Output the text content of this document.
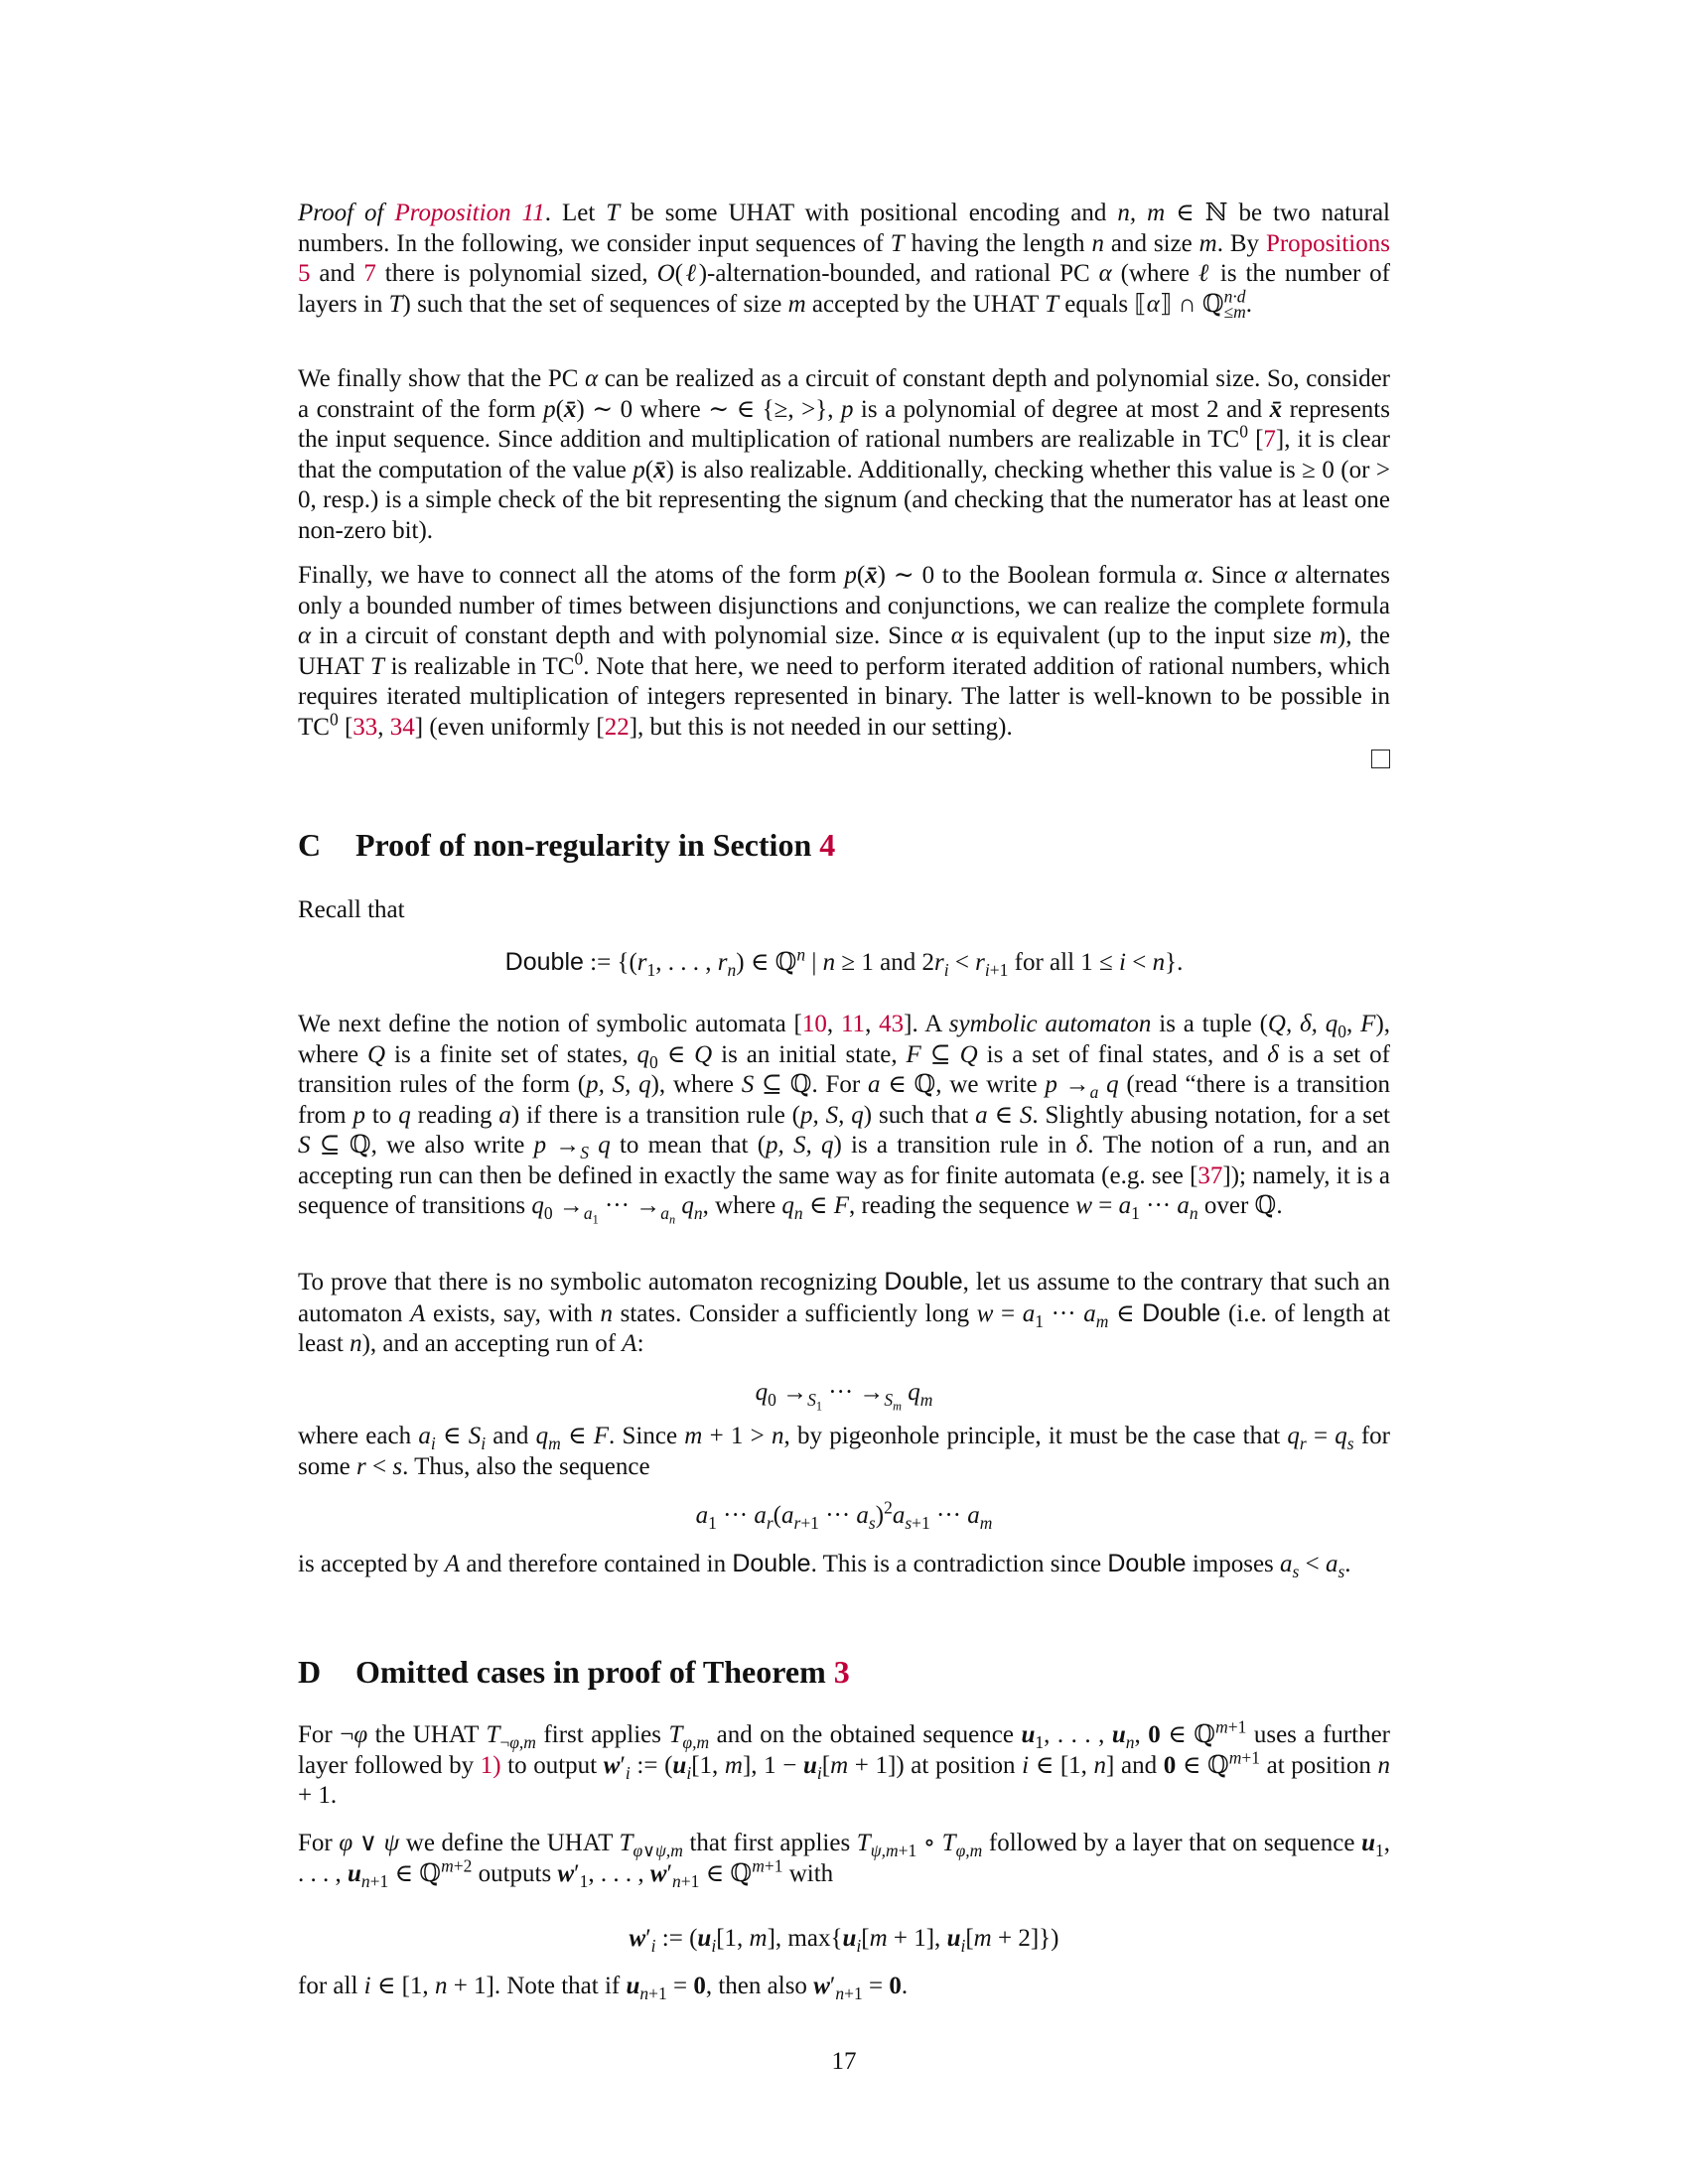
Proof of Proposition 11. Let T be some UHAT with positional encoding and n, m ∈ ℕ be two natural numbers. In the following, we consider input sequences of T having the length n and size m. By Propositions 5 and 7 there is polynomial sized, O(ℓ)-alternation-bounded, and rational PC α (where ℓ is the number of layers in T) such that the set of sequences of size m accepted by the UHAT T equals ⟦α⟧ ∩ ℚ$^{n\cdot d}_{\le m}$.
We finally show that the PC α can be realized as a circuit of constant depth and polynomial size. So, consider a constraint of the form p(x̄) ∼ 0 where ∼ ∈ {≥, >}, p is a polynomial of degree at most 2 and x̄ represents the input sequence. Since addition and multiplication of rational numbers are realizable in $TC^0$ [7], it is clear that the computation of the value p(x̄) is also realizable. Additionally, checking whether this value is ≥ 0 (or > 0, resp.) is a simple check of the bit representing the signum (and checking that the numerator has at least one non-zero bit).
Finally, we have to connect all the atoms of the form p(x̄) ∼ 0 to the Boolean formula α. Since α alternates only a bounded number of times between disjunctions and conjunctions, we can realize the complete formula α in a circuit of constant depth and with polynomial size. Since α is equivalent (up to the input size m), the UHAT T is realizable in $TC^0$. Note that here, we need to perform iterated addition of rational numbers, which requires iterated multiplication of integers represented in binary. The latter is well-known to be possible in $TC^0$ [33, 34] (even uniformly [22], but this is not needed in our setting).
C Proof of non-regularity in Section 4
Recall that
Double := {($r_1$, . . . , $r_n$) ∈ ℚ$^n$ | n ≥ 1 and $2r_i < r_{i+1}$ for all 1 ≤ i < n}.
We next define the notion of symbolic automata [10, 11, 43]. A symbolic automaton is a tuple (Q, δ, $q_0$, F), where Q is a finite set of states, $q_0$ ∈ Q is an initial state, F ⊆ Q is a set of final states, and δ is a set of transition rules of the form (p, S, q), where S ⊆ ℚ. For a ∈ ℚ, we write $p \to_a$ q (read “there is a transition from p to q reading a) if there is a transition rule (p, S, q) such that a ∈ S. Slightly abusing notation, for a set S ⊆ ℚ, we also write $p \to_S$ q to mean that (p, S, q) is a transition rule in δ. The notion of a run, and an accepting run can then be defined in exactly the same way as for finite automata (e.g. see [37]); namely, it is a sequence of transitions $q_0 \to_{a_1}$ ··· $\to_{a_n}$ $q_n$, where $q_n$ ∈ F, reading the sequence $w = a_1$ ··· $a_n$ over ℚ.
To prove that there is no symbolic automaton recognizing Double, let us assume to the contrary that such an automaton A exists, say, with n states. Consider a sufficiently long $w = a_1$ ··· $a_m$ ∈ Double (i.e. of length at least n), and an accepting run of A:
$q_0 \to_{S_1}$ ··· $\to_{S_m}$ $q_m$
where each $a_i$ ∈ $S_i$ and $q_m$ ∈ F. Since m + 1 > n, by pigeonhole principle, it must be the case that $q_r = q_s$ for some r < s. Thus, also the sequence
$a_1$ ··· $a_r(a_{r+1}$ ··· $a_s)^2a_{s+1}$ ··· $a_m$
is accepted by A and therefore contained in Double. This is a contradiction since Double imposes $a_s < a_s$.
D Omitted cases in proof of Theorem 3
For ¬φ the UHAT $T_{\neg\varphi,m}$ first applies $T_{\varphi,m}$ and on the obtained sequence $u_1$, . . . , $u_n$, 0 ∈ ℚ$^{m+1}$ uses a further layer followed by 1) to output $w'_i$ := ($u_i[1$, m], $1 - u_i[m + 1]$) at position i ∈ [1, n] and 0 ∈ ℚ$^{m+1}$ at position n + 1.
For φ ∨ ψ we define the UHAT $T_{\varphi\vee\psi,m}$ that first applies $T_{\psi,m+1}$ ∘ $T_{\varphi,m}$ followed by a layer that on sequence $u_1$, . . . , $u_{n+1}$ ∈ ℚ$^{m+2}$ outputs $w'_1$, . . . , $w'_{n+1}$ ∈ ℚ$^{m+1}$ with
$w'_i$ := ($u_i[1$, m], $\max\{u_i[m + 1]$, $u_i[m + 2]$})
for all i ∈ [1, n + 1]. Note that if $u_{n+1} = 0$, then also $w'_{n+1} = 0$.
17
